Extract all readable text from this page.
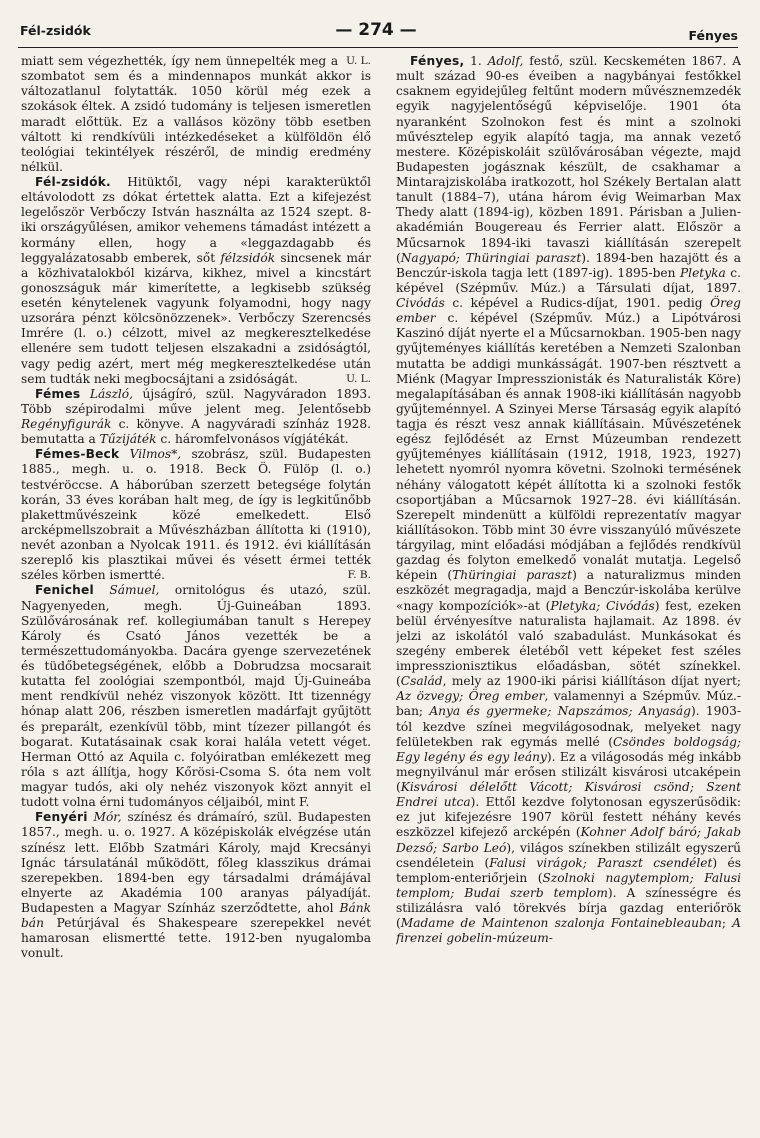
Fél-zsidók	— 274 —	Fényes

U. L.
miatt sem végezhették, így nem ünnepelték meg a szombatot sem és a mindennapos munkát akkor is változatlanul folytatták. 1050 körül még ezek a szokások éltek. A zsidó tudomány is teljesen ismeretlen maradt előttük. Ez a vallásos közöny több esetben váltott ki rendkívüli intézkedéseket a külföldön élő teológiai tekintélyek részéről, de mindig eredmény nélkül.

Fél-zsidók. Hitüktől, vagy népi karakterüktől eltávolodott zs dókat értettek alatta. Ezt a kifejezést legelőször Verbőczy István használta az 1524 szept. 8-iki országyűlésen, amikor vehemens támadást intézett a kormány ellen, hogy a «leggazdagabb és leggyalázatosabb emberek, sőt félzsidók sincsenek már a közhivatalokból kizárva, kikhez, mivel a kincstárt gonoszságuk már kimerítette, a legkisebb szükség esetén kénytelenek vagyunk folyamodni, hogy nagy uzsorára pénzt kölcsönözzenek». Verbőczy Szerencsés Imrére (l. o.) célzott, mivel az megkeresztelkedése ellenére sem tudott teljesen elszakadni a zsidóságtól, vagy pedig azért, mert még megkeresztelkedése után sem tudták neki megbocsájtani a zsidóságát.	U. L.

Fémes László, újságíró, szül. Nagyváradon 1893. Több szépirodalmi műve jelent meg. Jelentősebb Regényfigurák c. könyve. A nagyváradi színház 1928. bemutatta a Tűzijáték c. háromfelvonásos vígjátékát.

Fémes-Beck Vilmos*, szobrász, szül. Budapesten 1885., megh. u. o. 1918. Beck Ö. Fülöp (l. o.) testvéröccse. A háborúban szerzett betegsége folytán korán, 33 éves korában halt meg, de így is legkitűnőbb plakettművészeink közé emelkedett. Első arcképmellszobrait a Művészházban állította ki (1910), nevét azonban a Nyolcak 1911. és 1912. évi kiállításán szereplő kis plasztikai művei és vésett érmei tették széles körben ismertté.	F. B.

Fenichel Sámuel, ornitológus és utazó, szül. Nagyenyeden, megh. Új-Guineában 1893. Szülővárosának ref. kollegiumában tanult s Herepey Károly és Csató János vezették be a természettudományokba. Dacára gyenge szervezetének és tüdőbetegségének, előbb a Dobrudzsa mocsarait kutatta fel zoológiai szempontból, majd Új-Guineába ment rendkívül nehéz viszonyok között. Itt tizennégy hónap alatt 206, részben ismeretlen madárfajt gyűjtött és preparált, ezenkívül több, mint tízezer pillangót és bogarat. Kutatásainak csak korai halála vetett véget. Herman Ottó az Aquila c. folyóiratban emlékezett meg róla s azt állítja, hogy Kőrösi-Csoma S. óta nem volt magyar tudós, aki oly nehéz viszonyok közt annyit el tudott volna érni tudományos céljaiból, mint F.

Fenyéri Mór, színész és drámaíró, szül. Budapesten 1857., megh. u. o. 1927. A középiskolák elvégzése után színész lett. Előbb Szatmári Károly, majd Krecsányi Ignác társulatánál működött, főleg klasszikus drámai szerepekben. 1894-ben egy társadalmi drámájával elnyerte az Akadémia 100 aranyas pályadíját. Budapesten a Magyar Színház szerződtette, ahol Bánk bán Petúrjával és Shakespeare szerepekkel nevét hamarosan elismertté tette. 1912-ben nyugalomba vonult.

Fényes, 1. Adolf, festő, szül. Kecskeméten 1867. A mult század 90-es éveiben a nagybányai festőkkel csaknem egyidejűleg feltűnt modern művésznemzedék egyik nagyjelentőségű képviselője. 1901 óta nyaranként Szolnokon fest és mint a szolnoki művésztelep egyik alapító tagja, ma annak vezető mestere. Középiskoláit szülővárosában végezte, majd Budapesten jogásznak készült, de csakhamar a Mintarajziskolába iratkozott, hol Székely Bertalan alatt tanult (1884–7), utána három évig Weimarban Max Thedy alatt (1894-ig), közben 1891. Párisban a Julien-akadémián Bougereau és Ferrier alatt. Először a Műcsarnok 1894-iki tavaszi kiállításán szerepelt (Nagyapó; Thüringiai paraszt). 1894-ben hazajött és a Benczúr-iskola tagja lett (1897-ig). 1895-ben Pletyka c. képével (Szépműv. Múz.) a Társulati díjat, 1897. Civódás c. képével a Rudics-díjat, 1901. pedig Öreg ember c. képével (Szépműv. Múz.) a Lipótvárosi Kaszinó díját nyerte el a Műcsarnokban. 1905-ben nagy gyűjteményes kiállítás keretében a Nemzeti Szalonban mutatta be addigi munkásságát. 1907-ben résztvett a Miénk (Magyar Impresszionisták és Naturalisták Köre) megalapításában és annak 1908-iki kiállításán nagyobb gyűjteménnyel. A Szinyei Merse Társaság egyik alapító tagja és részt vesz annak kiállításain. Művészetének egész fejlődését az Ernst Múzeumban rendezett gyűjteményes kiállításain (1912, 1918, 1923, 1927) lehetett nyomról nyomra követni. Szolnoki termésének néhány válogatott képét állította ki a szolnoki festők csoportjában a Műcsarnok 1927–28. évi kiállításán. Szerepelt mindenütt a külföldi reprezentatív magyar kiállításokon. Több mint 30 évre visszanyúló művészete tárgyilag, mint előadási módjában a fejlődés rendkívül gazdag és folyton emelkedő vonalát mutatja. Legelső képein (Thüringiai paraszt) a naturalizmus minden eszközét megragadja, majd a Benczúr-iskolába kerülve «nagy kompozíciók»-at (Pletyka; Civódás) fest, ezeken belül érvényesítve naturalista hajlamait. Az 1898. év jelzi az iskolától való szabadulást. Munkásokat és szegény emberek életéből vett képeket fest széles impresszionisztikus előadásban, sötét színekkel. (Család, mely az 1900-iki párisi kiállításon díjat nyert; Az özvegy; Öreg ember, valamennyi a Szépműv. Múz.-ban; Anya és gyermeke; Napszámos; Anyaság). 1903-tól kezdve színei megvilágosodnak, melyeket nagy felületekben rak egymás mellé (Csöndes boldogság; Egy legény és egy leány). Ez a világosodás még inkább megnyilvánul már erősen stilizált kisvárosi utcaképein (Kisvárosi délelőtt Vácott; Kisvárosi csönd; Szent Endrei utca). Ettől kezdve folytonosan egyszerűsödik: ez jut kifejezésre 1907 körül festett néhány kevés eszközzel kifejező arcképén (Kohner Adolf báró; Jakab Dezső; Sarbo Leó), világos színekben stilizált egyszerű csendéletein (Falusi virágok; Paraszt csendélet) és templom-enteriőrjein (Szolnoki nagytemplom; Falusi templom; Budai szerb templom). A színességre és stilizálásra való törekvés bírja gazdag enteriőrök (Madame de Maintenon szalonja Fontainebleauban; A firenzei gobelin-múzeum-
